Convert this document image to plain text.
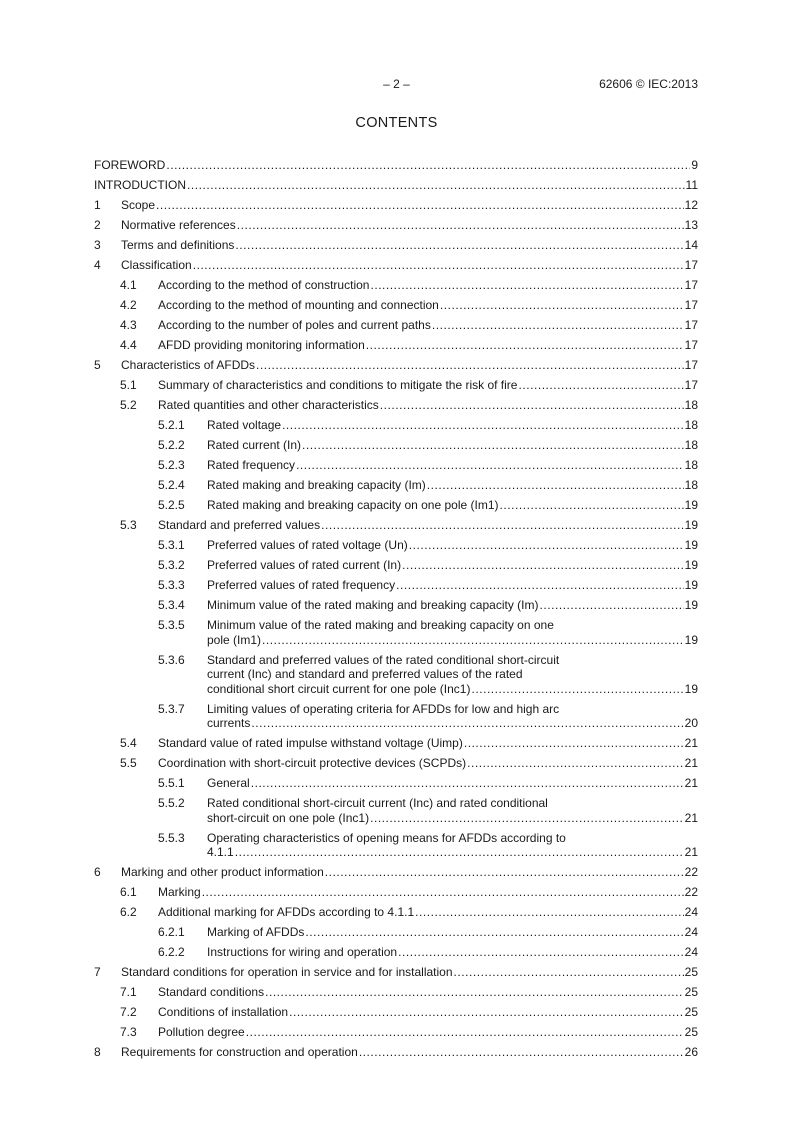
– 2 –	62606 © IEC:2013
CONTENTS
FOREWORD . . .	9
INTRODUCTION . . .	11
1	Scope . . .	12
2	Normative references . . .	13
3	Terms and definitions . . .	14
4	Classification . . .	17
4.1	According to the method of construction . . .	17
4.2	According to the method of mounting and connection . . .	17
4.3	According to the number of poles and current paths . . .	17
4.4	AFDD providing monitoring information . . .	17
5	Characteristics of AFDDs . . .	17
5.1	Summary of characteristics and conditions to mitigate the risk of fire . . .	17
5.2	Rated quantities and other characteristics . . .	18
5.2.1	Rated voltage . . .	18
5.2.2	Rated current (In) . . .	18
5.2.3	Rated frequency . . .	18
5.2.4	Rated making and breaking capacity (Im) . . .	18
5.2.5	Rated making and breaking capacity on one pole (Im1) . . .	19
5.3	Standard and preferred values . . .	19
5.3.1	Preferred values of rated voltage (Un) . . .	19
5.3.2	Preferred values of rated current (In) . . .	19
5.3.3	Preferred values of rated frequency . . .	19
5.3.4	Minimum value of the rated making and breaking capacity (Im) . . .	19
5.3.5	Minimum value of the rated making and breaking capacity on one
pole (Im1) . . .	19
5.3.6	Standard and preferred values of the rated conditional short-circuit
current (Inc) and standard and preferred values of the rated
conditional short circuit current for one pole (Inc1) . . .	19
5.3.7	Limiting values of operating criteria for AFDDs for low and high arc
currents . . .	20
5.4	Standard value of rated impulse withstand voltage (Uimp) . . .	21
5.5	Coordination with short-circuit protective devices (SCPDs) . . .	21
5.5.1	General . . .	21
5.5.2	Rated conditional short-circuit current (Inc) and rated conditional
short-circuit on one pole (Inc1) . . .	21
5.5.3	Operating characteristics of opening means for AFDDs according to
4.1.1 . . .	21
6	Marking and other product information . . .	22
6.1	Marking . . .	22
6.2	Additional marking for AFDDs according to 4.1.1 . . .	24
6.2.1	Marking of AFDDs . . .	24
6.2.2	Instructions for wiring and operation . . .	24
7	Standard conditions for operation in service and for installation . . .	25
7.1	Standard conditions . . .	25
7.2	Conditions of installation . . .	25
7.3	Pollution degree . . .	25
8	Requirements for construction and operation . . .	26
